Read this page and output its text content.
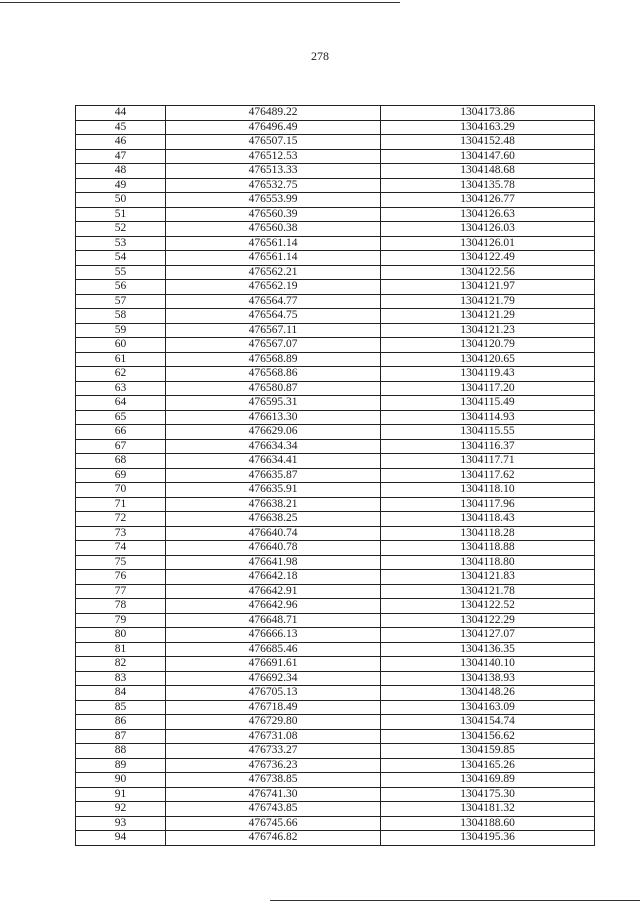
278
44	476489.22	1304173.86
45	476496.49	1304163.29
46	476507.15	1304152.48
47	476512.53	1304147.60
48	476513.33	1304148.68
49	476532.75	1304135.78
50	476553.99	1304126.77
51	476560.39	1304126.63
52	476560.38	1304126.03
53	476561.14	1304126.01
54	476561.14	1304122.49
55	476562.21	1304122.56
56	476562.19	1304121.97
57	476564.77	1304121.79
58	476564.75	1304121.29
59	476567.11	1304121.23
60	476567.07	1304120.79
61	476568.89	1304120.65
62	476568.86	1304119.43
63	476580.87	1304117.20
64	476595.31	1304115.49
65	476613.30	1304114.93
66	476629.06	1304115.55
67	476634.34	1304116.37
68	476634.41	1304117.71
69	476635.87	1304117.62
70	476635.91	1304118.10
71	476638.21	1304117.96
72	476638.25	1304118.43
73	476640.74	1304118.28
74	476640.78	1304118.88
75	476641.98	1304118.80
76	476642.18	1304121.83
77	476642.91	1304121.78
78	476642.96	1304122.52
79	476648.71	1304122.29
80	476666.13	1304127.07
81	476685.46	1304136.35
82	476691.61	1304140.10
83	476692.34	1304138.93
84	476705.13	1304148.26
85	476718.49	1304163.09
86	476729.80	1304154.74
87	476731.08	1304156.62
88	476733.27	1304159.85
89	476736.23	1304165.26
90	476738.85	1304169.89
91	476741.30	1304175.30
92	476743.85	1304181.32
93	476745.66	1304188.60
94	476746.82	1304195.36
